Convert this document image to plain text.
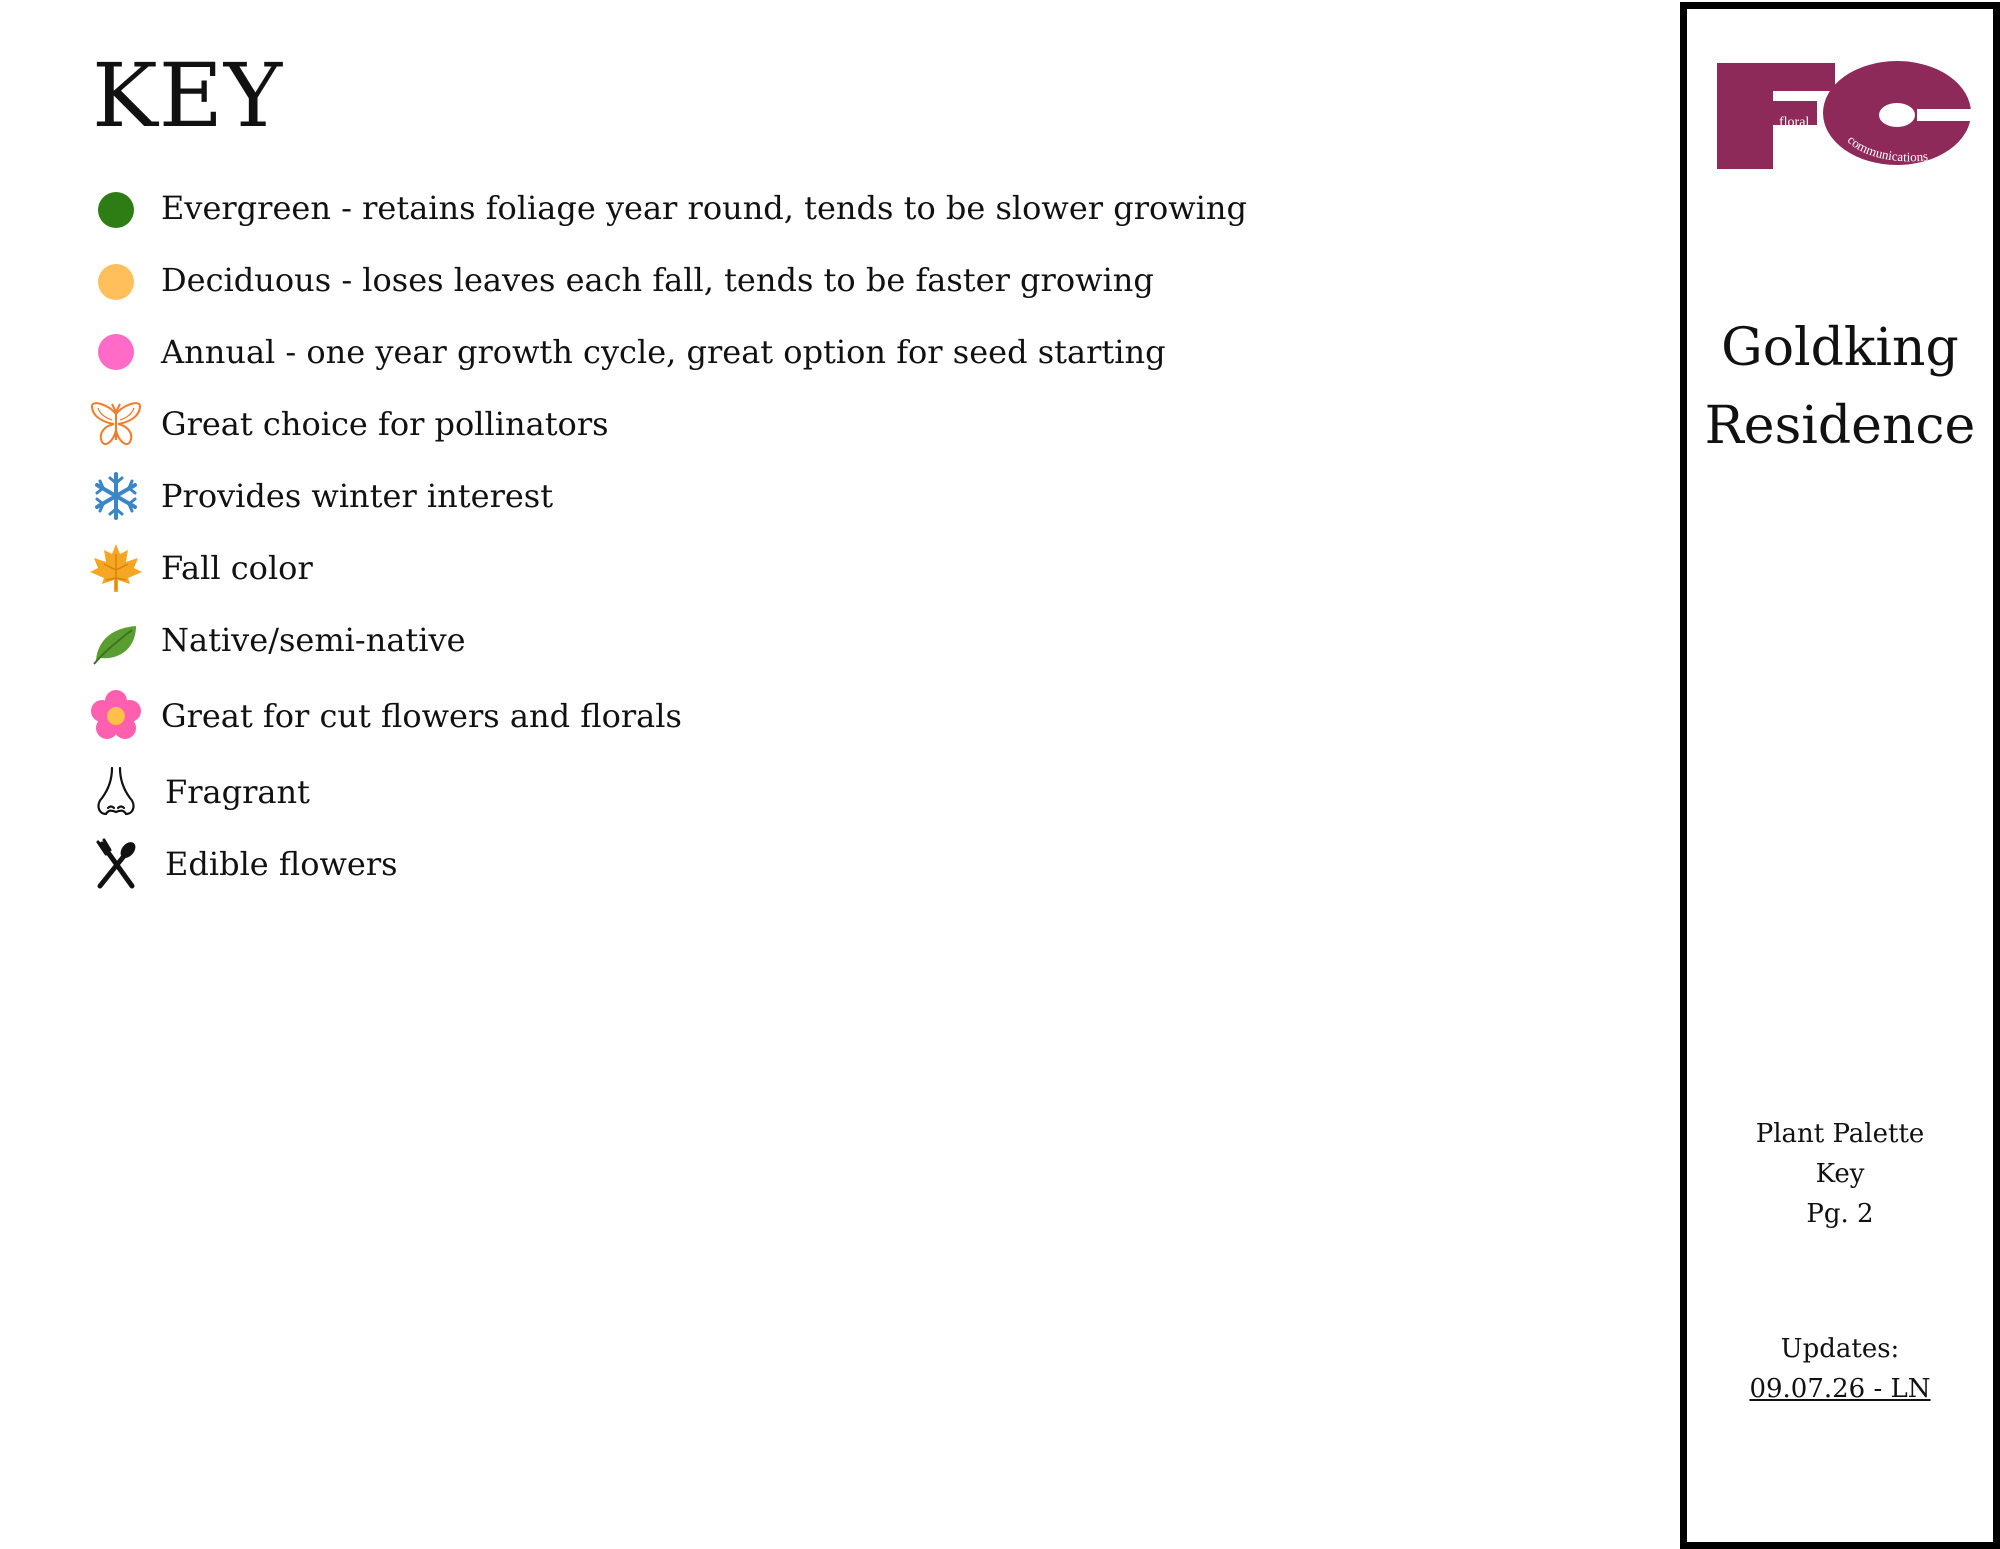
KEY
Evergreen - retains foliage year round, tends to be slower growing
Deciduous - loses leaves each fall, tends to be faster growing
Annual - one year growth cycle, great option for seed starting
Great choice for pollinators
Provides winter interest
Fall color
Native/semi-native
Great for cut flowers and florals
Fragrant
Edible flowers
floral
communications
Goldking
Residence
Plant Palette
Key
Pg. 2
Updates:
09.07.26 - LN
